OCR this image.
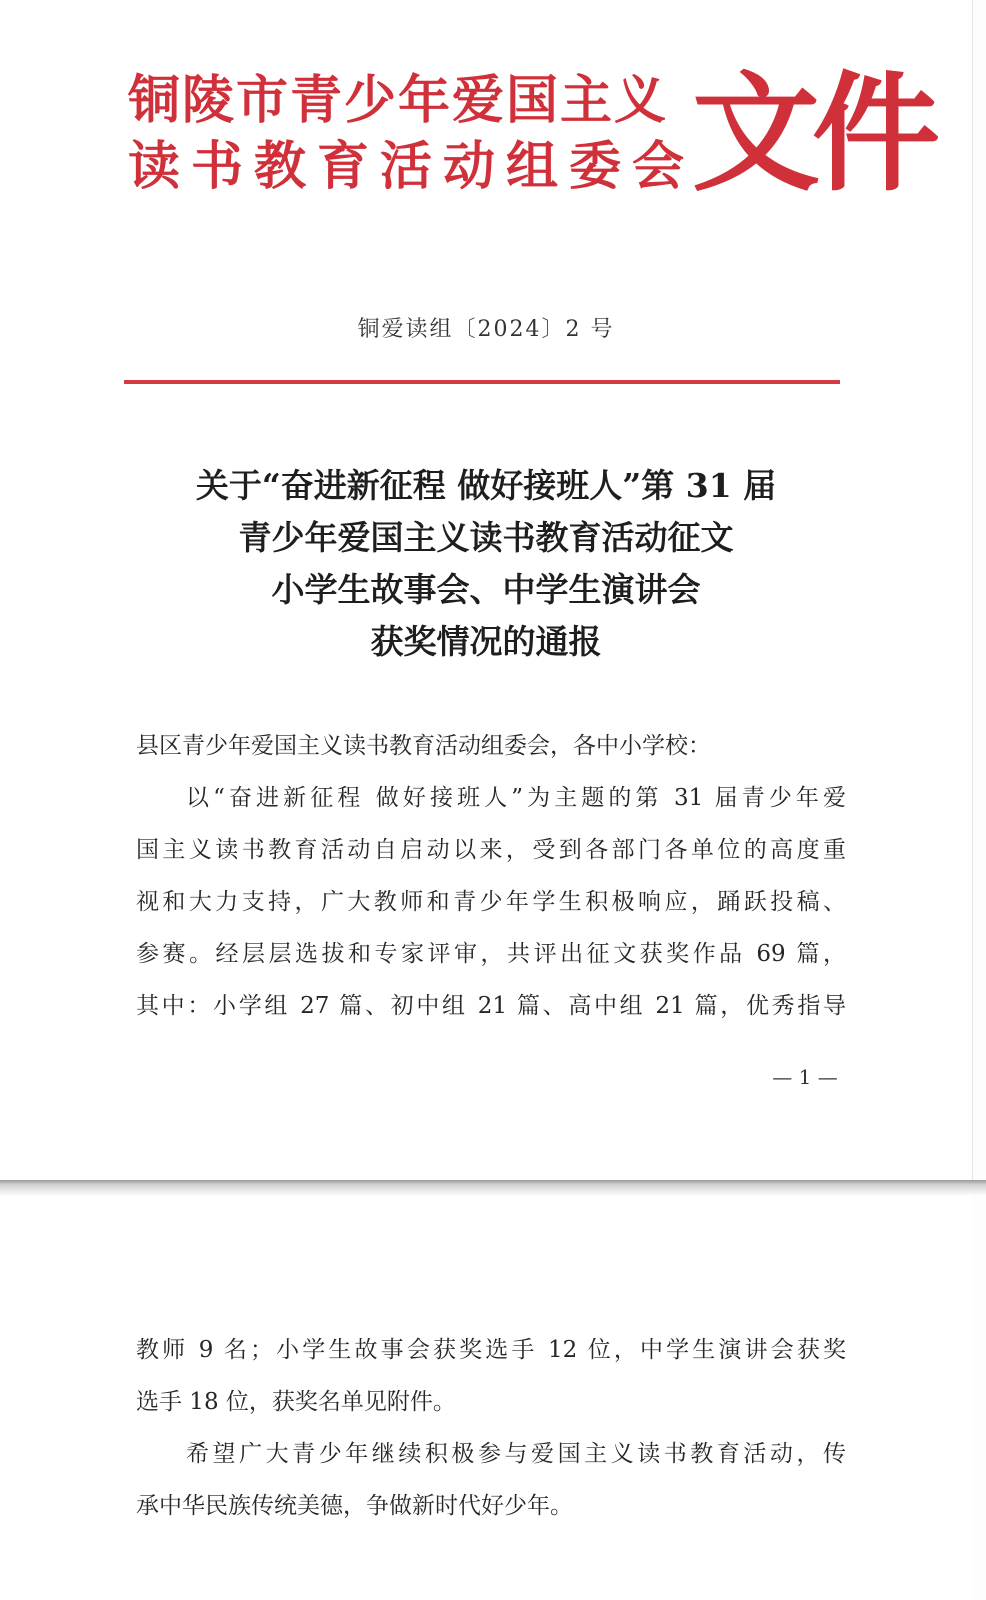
铜陵市青少年爱国主义
读书教育活动组委会
文件
铜爱读组〔2024〕2 号
关于“奋进新征程 做好接班人”第 31 届
青少年爱国主义读书教育活动征文
小学生故事会、中学生演讲会
获奖情况的通报
县区青少年爱国主义读书教育活动组委会，各中小学校：
以“奋进新征程 做好接班人”为主题的第 31 届青少年爱
国主义读书教育活动自启动以来，受到各部门各单位的高度重
视和大力支持，广大教师和青少年学生积极响应，踊跃投稿、
参赛。经层层选拔和专家评审，共评出征文获奖作品 69 篇，
其中：小学组 27 篇、初中组 21 篇、高中组 21 篇，优秀指导
— 1 —
教师 9 名；小学生故事会获奖选手 12 位，中学生演讲会获奖
选手 18 位，获奖名单见附件。
希望广大青少年继续积极参与爱国主义读书教育活动，传
承中华民族传统美德，争做新时代好少年。
